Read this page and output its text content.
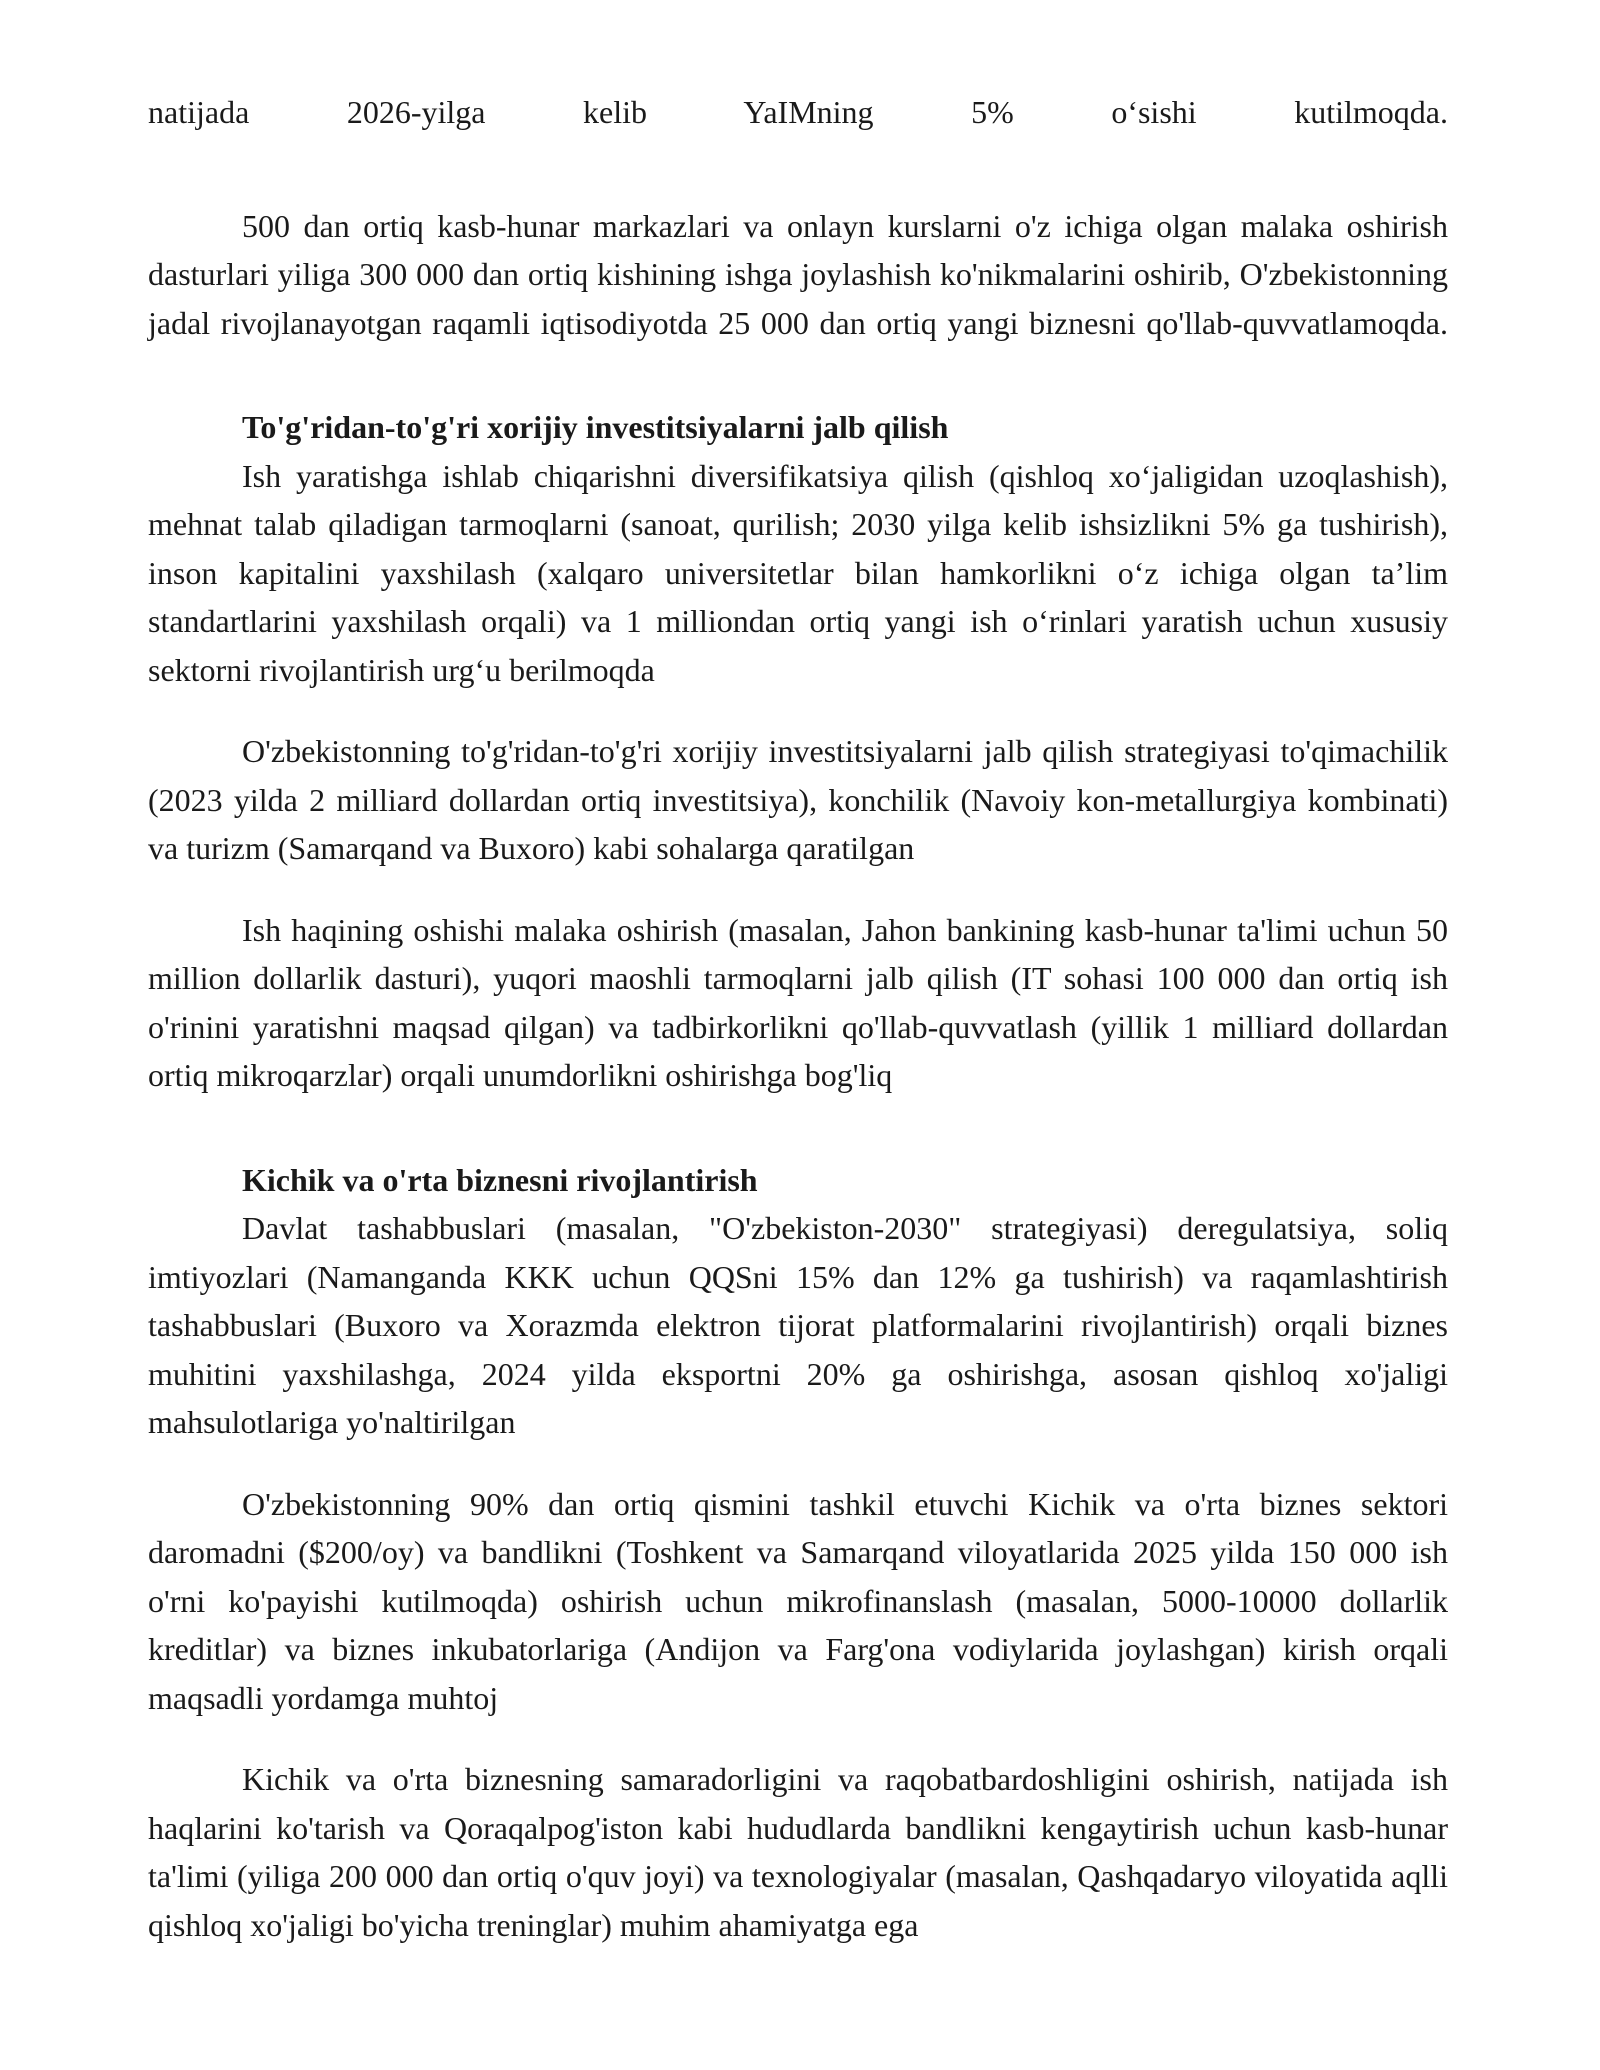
natijada 2026-yilga kelib YaIMning 5% o‘sishi kutilmoqda.

500 dan ortiq kasb-hunar markazlari va onlayn kurslarni o'z ichiga olgan malaka oshirish dasturlari yiliga 300 000 dan ortiq kishining ishga joylashish ko'nikmalarini oshirib, O'zbekistonning jadal rivojlanayotgan raqamli iqtisodiyotda 25 000 dan ortiq yangi biznesni qo'llab-quvvatlamoqda.

To'g'ridan-to'g'ri xorijiy investitsiyalarni jalb qilish

Ish yaratishga ishlab chiqarishni diversifikatsiya qilish (qishloq xo‘jaligidan uzoqlashish), mehnat talab qiladigan tarmoqlarni (sanoat, qurilish; 2030 yilga kelib ishsizlikni 5% ga tushirish), inson kapitalini yaxshilash (xalqaro universitetlar bilan hamkorlikni o‘z ichiga olgan ta’lim standartlarini yaxshilash orqali) va 1 milliondan ortiq yangi ish o‘rinlari yaratish uchun xususiy sektorni rivojlantirish urg‘u berilmoqda

O'zbekistonning to'g'ridan-to'g'ri xorijiy investitsiyalarni jalb qilish strategiyasi to'qimachilik (2023 yilda 2 milliard dollardan ortiq investitsiya), konchilik (Navoiy kon-metallurgiya kombinati) va turizm (Samarqand va Buxoro) kabi sohalarga qaratilgan

Ish haqining oshishi malaka oshirish (masalan, Jahon bankining kasb-hunar ta'limi uchun 50 million dollarlik dasturi), yuqori maoshli tarmoqlarni jalb qilish (IT sohasi 100 000 dan ortiq ish o'rinini yaratishni maqsad qilgan) va tadbirkorlikni qo'llab-quvvatlash (yillik 1 milliard dollardan ortiq mikroqarzlar) orqali unumdorlikni oshirishga bog'liq

Kichik va o'rta biznesni rivojlantirish

Davlat tashabbuslari (masalan, "O'zbekiston-2030" strategiyasi) deregulatsiya, soliq imtiyozlari (Namanganda KKK uchun QQSni 15% dan 12% ga tushirish) va raqamlashtirish tashabbuslari (Buxoro va Xorazmda elektron tijorat platformalarini rivojlantirish) orqali biznes muhitini yaxshilashga, 2024 yilda eksportni 20% ga oshirishga, asosan qishloq xo'jaligi mahsulotlariga yo'naltirilgan

O'zbekistonning 90% dan ortiq qismini tashkil etuvchi Kichik va o'rta biznes sektori daromadni ($200/oy) va bandlikni (Toshkent va Samarqand viloyatlarida 2025 yilda 150 000 ish o'rni ko'payishi kutilmoqda) oshirish uchun mikrofinanslash (masalan, 5000-10000 dollarlik kreditlar) va biznes inkubatorlariga (Andijon va Farg'ona vodiylarida joylashgan) kirish orqali maqsadli yordamga muhtoj

Kichik va o'rta biznesning samaradorligini va raqobatbardoshligini oshirish, natijada ish haqlarini ko'tarish va Qoraqalpog'iston kabi hududlarda bandlikni kengaytirish uchun kasb-hunar ta'limi (yiliga 200 000 dan ortiq o'quv joyi) va texnologiyalar (masalan, Qashqadaryo viloyatida aqlli qishloq xo'jaligi bo'yicha treninglar) muhim ahamiyatga ega
